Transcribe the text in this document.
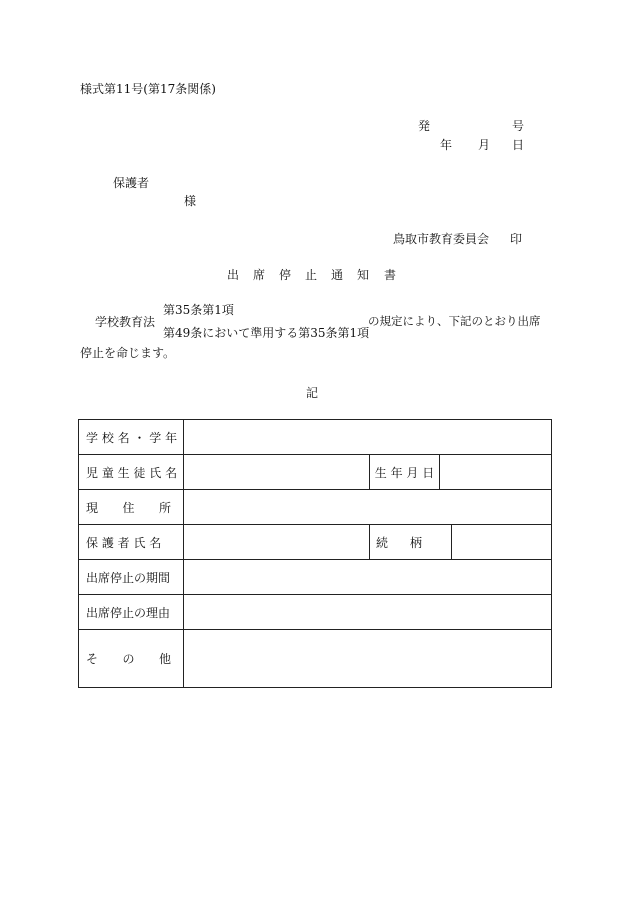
様式第11号(第17条関係)
発	号
年 月 日
保護者
様
鳥取市教育委員会 印
出 席 停 止 通 知 書
学校教育法
第35条第1項
第49条において準用する第35条第1項
の規定により、下記のとおり出席
停止を命じます。
記
学 校 名 ・ 学 年				
児 童 生 徒 氏 名		生 年 月 日		

現 住 所				

保 護 者 氏 名		続 柄		

出席停止の期間				
出席停止の理由				

そ の 他				
